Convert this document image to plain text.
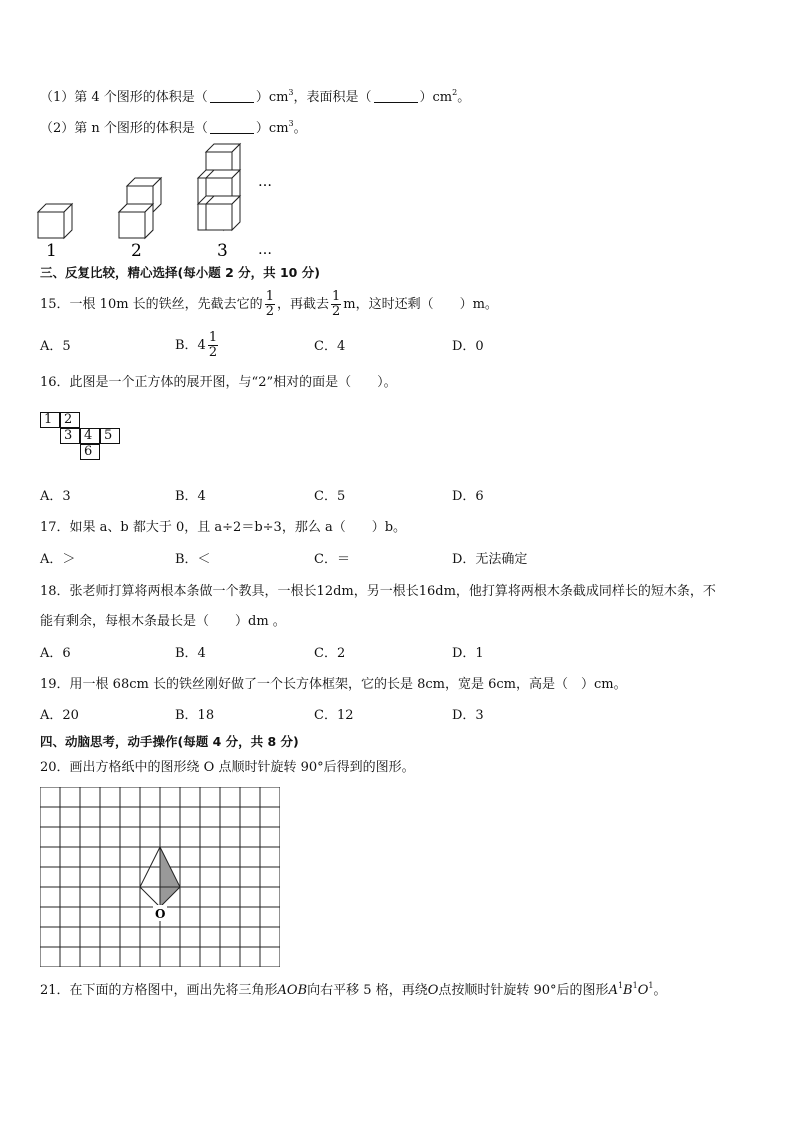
（1）第 4 个图形的体积是（	）$cm^3$，表面积是（	）$cm^2$。
（2）第 n 个图形的体积是（	）$cm^3$。
…
…
1	2	3
三、反复比较，精心选择(每小题 2 分，共 10 分)
15．一根 10m 长的铁丝，先截去它的 $\frac{1}{2}$ ，再截去 $\frac{1}{2}$ m，这时还剩（　　）m。
A．5	B．$4 \frac{1}{2}$	C．4	D．0
16．此图是一个正方体的展开图，与“2”相对的面是（　　）。
1 2
3 4 5
6
A．3	B．4	C．5	D．6
17．如果 a、b 都大于 0，且 a÷2＝b÷3，那么 a（　　）b。
A．＞	B．＜	C．＝	D．无法确定
18．张老师打算将两根本条做一个教具，一根长12dm，另一根长16dm，他打算将两根木条截成同样长的短木条，不
能有剩余，每根木条最长是（　　）dm 。
A．6	B．4	C．2	D．1
19．用一根 68cm 长的铁丝刚好做了一个长方体框架，它的长是 8cm，宽是 6cm，高是（　）cm。
A．20	B．18	C．12	D．3
四、动脑思考，动手操作(每题 4 分，共 8 分)
20．画出方格纸中的图形绕 O 点顺时针旋转 90°后得到的图形。
O
21．在下面的方格图中，画出先将三角形AOB向右平移 5 格，再绕O点按顺时针旋转 90°后的图形$A^1B^1O^1$。
